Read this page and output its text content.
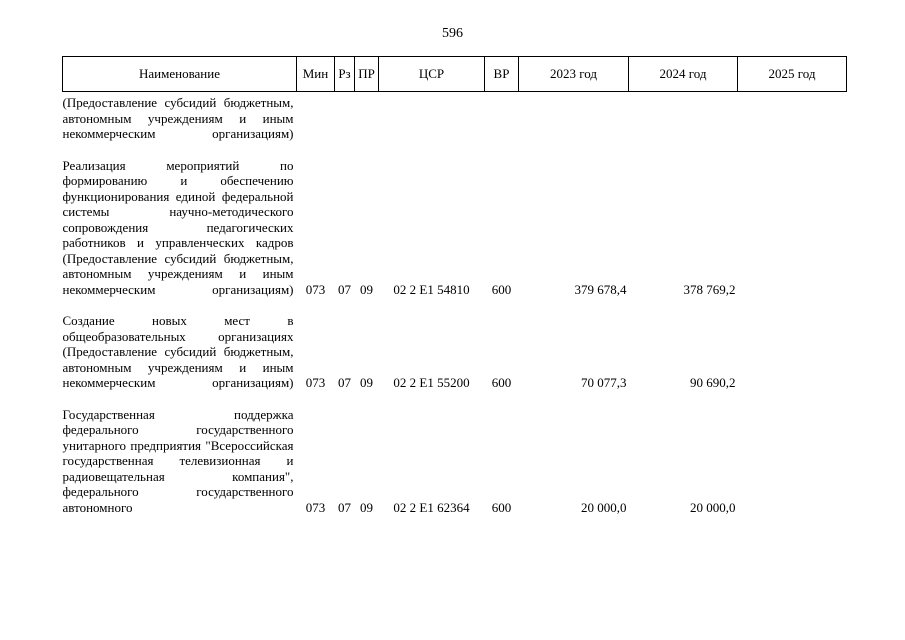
596
Наименование	Мин	Рз	ПР	ЦСР	ВР	2023 год	2024 год	2025 год
(Предоставление субсидий бюджетным, автономным учреждениям и иным некоммерческим организациям)								

Реализация мероприятий по формированию и обеспечению функционирования единой федеральной системы научно-методического сопровождения педагогических работников и управленческих кадров (Предоставление субсидий бюджетным, автономным учреждениям и иным некоммерческим организациям)	073	07	09	02 2 Е1 54810	600	379 678,4	378 769,2	

Создание новых мест в общеобразовательных организациях (Предоставление субсидий бюджетным, автономным учреждениям и иным некоммерческим организациям)	073	07	09	02 2 Е1 55200	600	70 077,3	90 690,2	

Государственная поддержка федерального государственного унитарного предприятия "Всероссийская государственная телевизионная и радиовещательная компания", федерального государственного автономного	073	07	09	02 2 Е1 62364	600	20 000,0	20 000,0	
